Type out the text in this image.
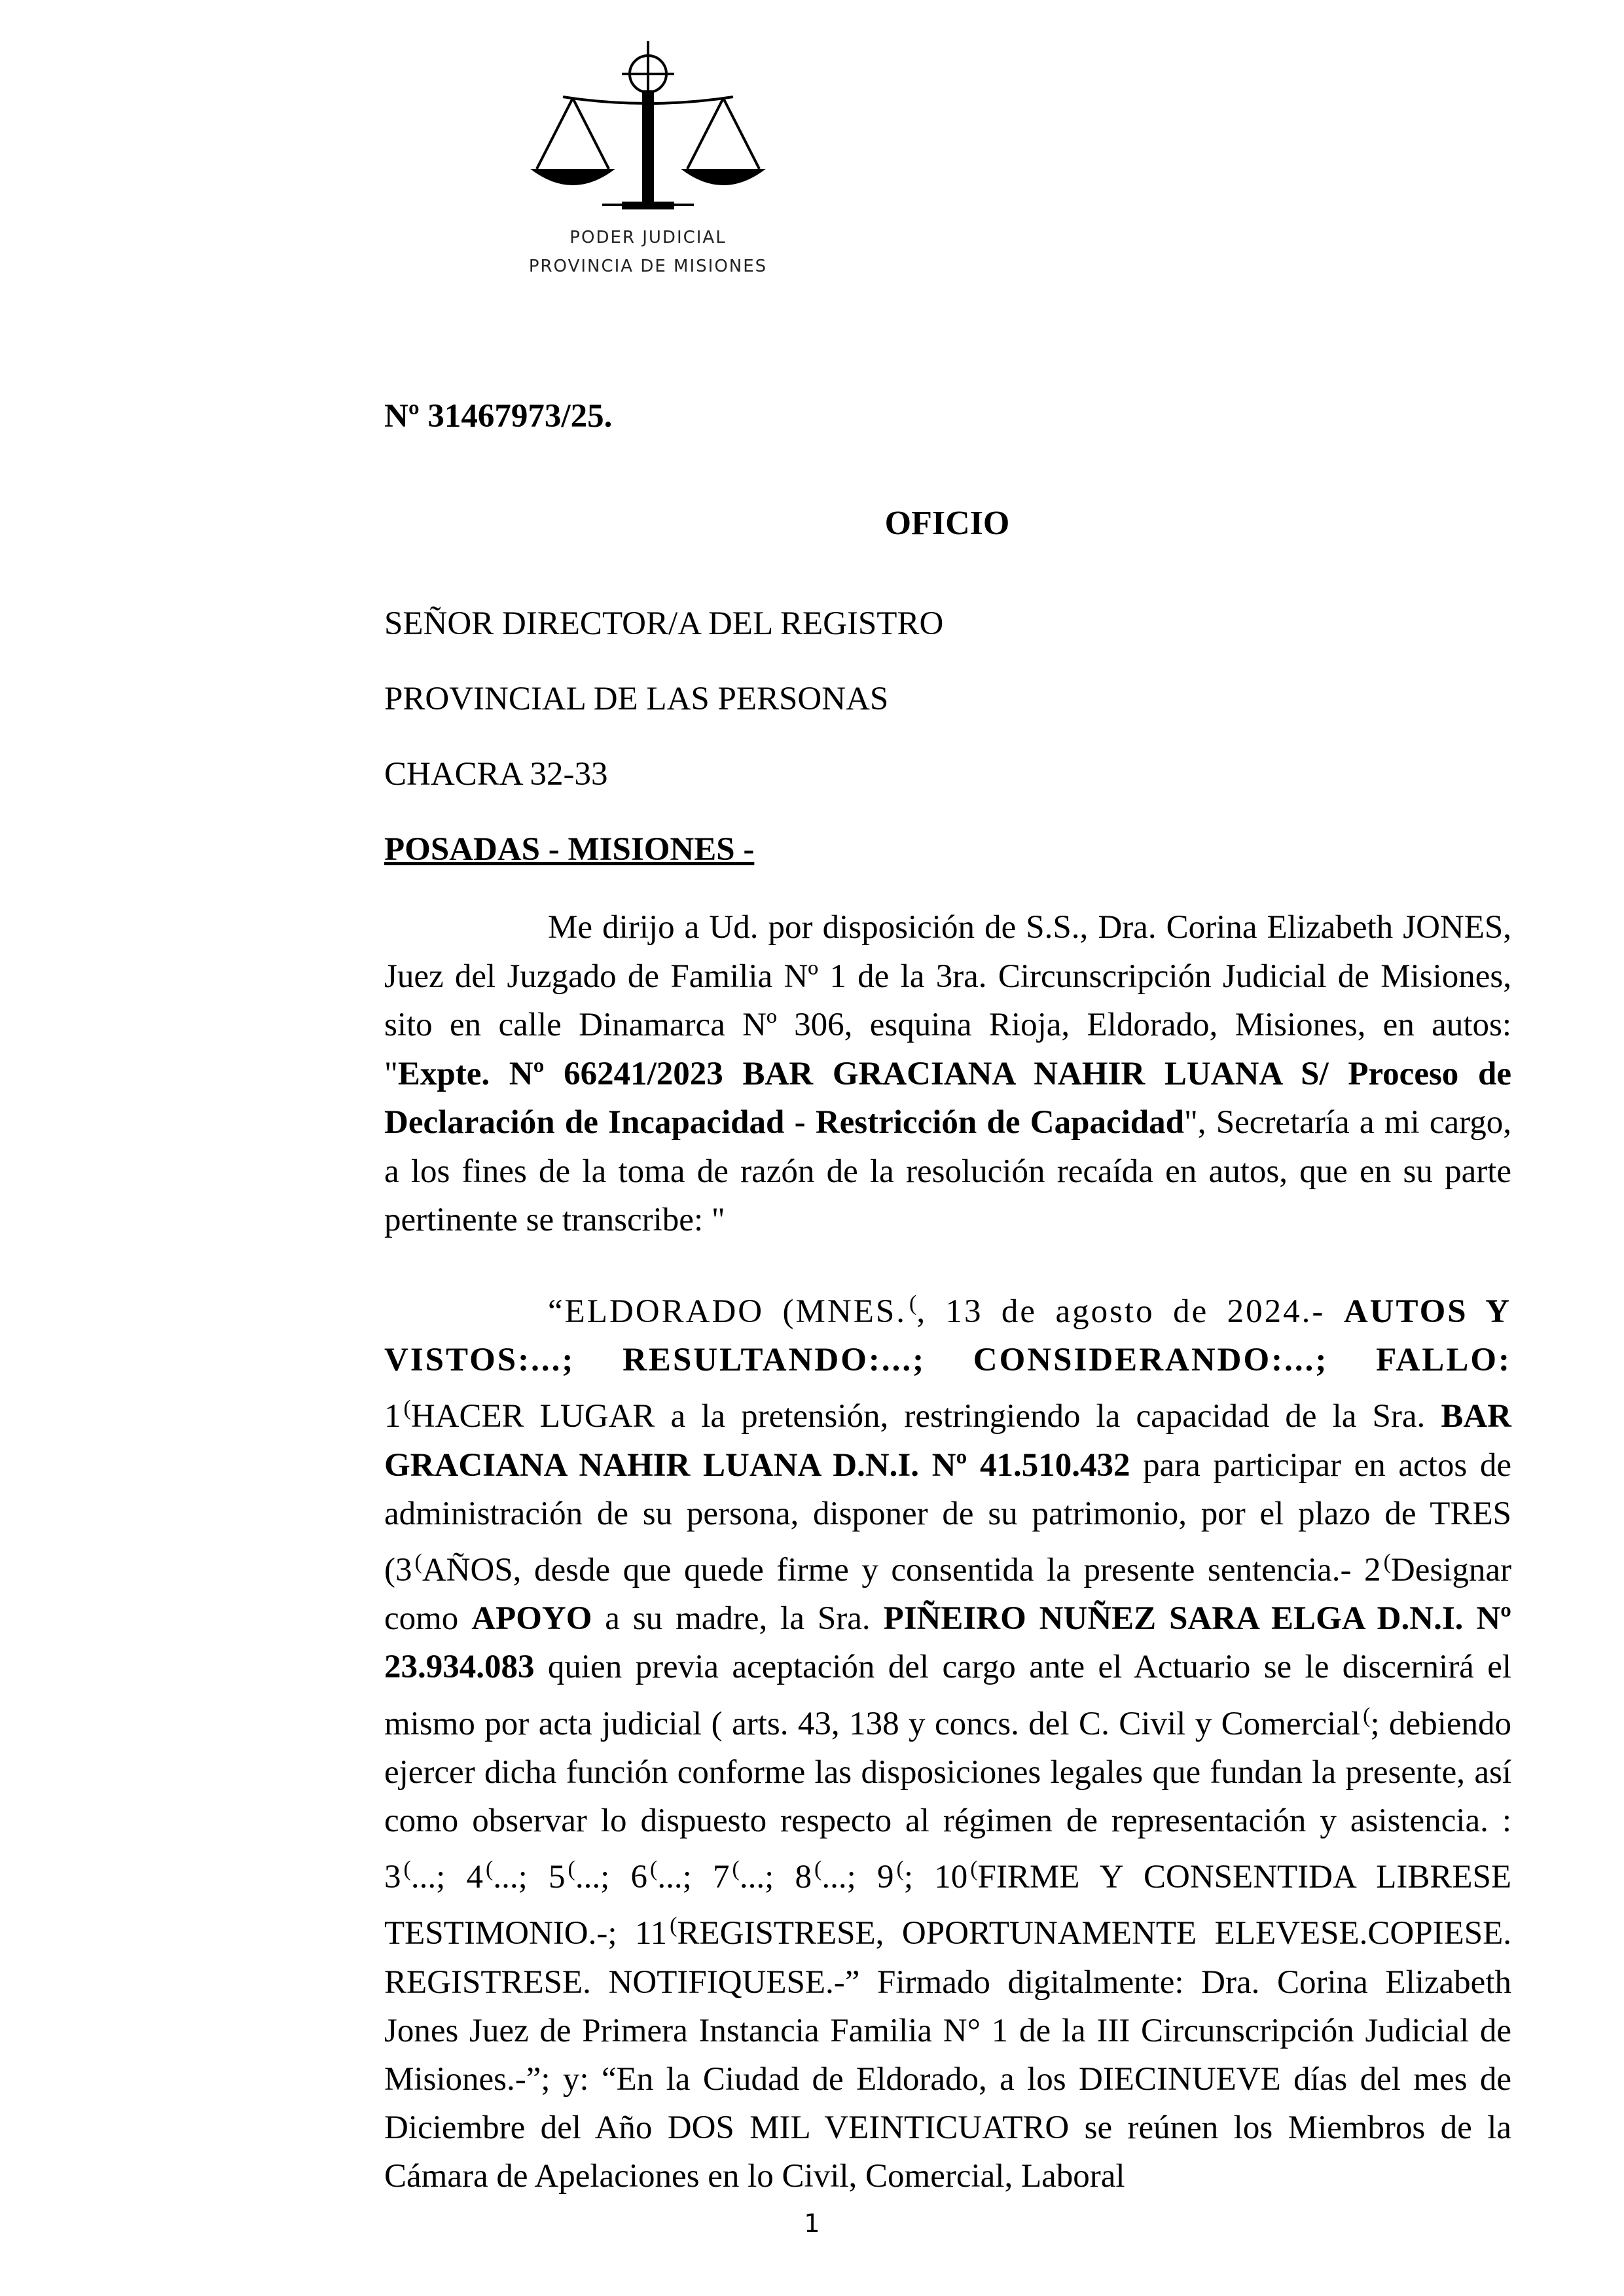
PODER JUDICIAL
PROVINCIA DE MISIONES
Nº 31467973/25.
OFICIO
SEÑOR DIRECTOR/A DEL REGISTRO
PROVINCIAL DE LAS PERSONAS
CHACRA 32-33
POSADAS - MISIONES -

Me dirijo a Ud. por disposición de S.S., Dra. Corina Elizabeth JONES, Juez del Juzgado de Familia Nº 1 de la 3ra. Circunscripción Judicial de Misiones, sito en calle Dinamarca Nº 306, esquina Rioja, Eldorado, Misiones, en autos: "Expte. Nº 66241/2023 BAR GRACIANA NAHIR LUANA S/ Proceso de Declaración de Incapacidad - Restricción de Capacidad", Secretaría a mi cargo, a los fines de la toma de razón de la resolución recaída en autos, que en su parte pertinente se transcribe: "

“ELDORADO (MNES. (, 13 de agosto de 2024.- AUTOS Y VISTOS:...; RESULTANDO:...; CONSIDERANDO:...; FALLO: 1 (HACER LUGAR a la pretensión, restringiendo la capacidad de la Sra. BAR GRACIANA NAHIR LUANA D.N.I. Nº 41.510.432 para participar en actos de administración de su persona, disponer de su patrimonio, por el plazo de TRES (3 (AÑOS, desde que quede firme y consentida la presente sentencia.- 2 (Designar como APOYO a su madre, la Sra. PIÑEIRO NUÑEZ SARA ELGA D.N.I. Nº 23.934.083 quien previa aceptación del cargo ante el Actuario se le discernirá el mismo por acta judicial ( arts. 43, 138 y concs. del C. Civil y Comercial (; debiendo ejercer dicha función conforme las disposiciones legales que fundan la presente, así como observar lo dispuesto respecto al régimen de representación y asistencia. : 3 (...; 4 (...; 5 (...; 6 (...; 7 (...; 8 (...; 9 (; 10 (FIRME Y CONSENTIDA LIBRESE TESTIMONIO.-; 11 (REGISTRESE, OPORTUNAMENTE ELEVESE.COPIESE. REGISTRESE. NOTIFIQUESE.-” Firmado digitalmente: Dra. Corina Elizabeth Jones Juez de Primera Instancia Familia N° 1 de la III Circunscripción Judicial de Misiones.-”; y: “En la Ciudad de Eldorado, a los DIECINUEVE días del mes de Diciembre del Año DOS MIL VEINTICUATRO se reúnen los Miembros de la Cámara de Apelaciones en lo Civil, Comercial, Laboral

1
